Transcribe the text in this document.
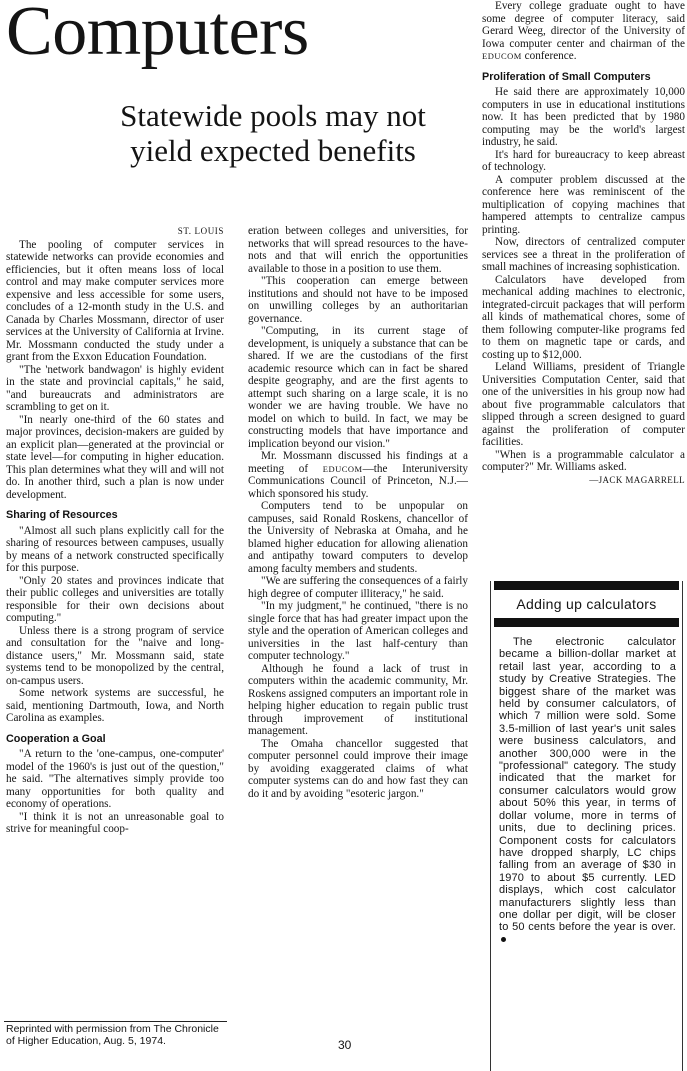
Computers
Statewide pools may not yield expected benefits
ST. LOUIS

The pooling of computer services in statewide networks can provide economies and efficiencies, but it often means loss of local control and may make computer services more expensive and less accessible for some users, concludes of a 12-month study in the U.S. and Canada by Charles Mossmann, director of user services at the University of California at Irvine. Mr. Mossmann conducted the study under a grant from the Exxon Education Foundation.

"The 'network bandwagon' is highly evident in the state and provincial capitals," he said, "and bureaucrats and administrators are scrambling to get on it.

"In nearly one-third of the 60 states and major provinces, decision-makers are guided by an explicit plan—generated at the provincial or state level—for computing in higher education. This plan determines what they will and will not do. In another third, such a plan is now under development.

Sharing of Resources

"Almost all such plans explicitly call for the sharing of resources between campuses, usually by means of a network constructed specifically for this purpose.

"Only 20 states and provinces indicate that their public colleges and universities are totally responsible for their own decisions about computing."

Unless there is a strong program of service and consultation for the "naive and long-distance users," Mr. Mossmann said, state systems tend to be monopolized by the central, on-campus users.

Some network systems are successful, he said, mentioning Dartmouth, Iowa, and North Carolina as examples.

Cooperation a Goal

"A return to the 'one-campus, one-computer' model of the 1960's is just out of the question," he said. "The alternatives simply provide too many opportunities for both quality and economy of operations.

"I think it is not an unreasonable goal to strive for meaningful coop-

eration between colleges and universities, for networks that will spread resources to the have-nots and that will enrich the opportunities available to those in a position to use them.

"This cooperation can emerge between institutions and should not have to be imposed on unwilling colleges by an authoritarian governance.

"Computing, in its current stage of development, is uniquely a substance that can be shared. If we are the custodians of the first academic resource which can in fact be shared despite geography, and are the first agents to attempt such sharing on a large scale, it is no wonder we are having trouble. We have no model on which to build. In fact, we may be constructing models that have importance and implication beyond our vision."

Mr. Mossmann discussed his findings at a meeting of EDUCOM—the Interuniversity Communications Council of Princeton, N.J.—which sponsored his study.

Computers tend to be unpopular on campuses, said Ronald Roskens, chancellor of the University of Nebraska at Omaha, and he blamed higher education for allowing alienation and antipathy toward computers to develop among faculty members and students.

"We are suffering the consequences of a fairly high degree of computer illiteracy," he said.

"In my judgment," he continued, "there is no single force that has had greater impact upon the style and the operation of American colleges and universities in the last half-century than computer technology."

Although he found a lack of trust in computers within the academic community, Mr. Roskens assigned computers an important role in helping higher education to regain public trust through improvement of institutional management.

The Omaha chancellor suggested that computer personnel could improve their image by avoiding exaggerated claims of what computer systems can do and how fast they can do it and by avoiding "esoteric jargon."

Every college graduate ought to have some degree of computer literacy, said Gerard Weeg, director of the University of Iowa computer center and chairman of the EDUCOM conference.

Proliferation of Small Computers

He said there are approximately 10,000 computers in use in educational institutions now. It has been predicted that by 1980 computing may be the world's largest industry, he said.

It's hard for bureaucracy to keep abreast of technology.

A computer problem discussed at the conference here was reminiscent of the multiplication of copying machines that hampered attempts to centralize campus printing.

Now, directors of centralized computer services see a threat in the proliferation of small machines of increasing sophistication.

Calculators have developed from mechanical adding machines to electronic, integrated-circuit packages that will perform all kinds of mathematical chores, some of them following computer-like programs fed to them on magnetic tape or cards, and costing up to $12,000.

Leland Williams, president of Triangle Universities Computation Center, said that one of the universities in his group now had about five programmable calculators that slipped through a screen designed to guard against the proliferation of computer facilities.

"When is a programmable calculator a computer?" Mr. Williams asked.

—JACK MAGARRELL
Adding up calculators

The electronic calculator became a billion-dollar market at retail last year, according to a study by Creative Strategies. The biggest share of the market was held by consumer calculators, of which 7 million were sold. Some 3.5-million of last year's unit sales were business calculators, and another 300,000 were in the "professional" category. The study indicated that the market for consumer calculators would grow about 50% this year, in terms of dollar volume, more in terms of units, due to declining prices. Component costs for calculators have dropped sharply, LC chips falling from an average of $30 in 1970 to about $5 currently. LED displays, which cost calculator manufacturers slightly less than one dollar per digit, will be closer to 50 cents before the year is over.

Reprinted with permission from The Chronicle of Higher Education, Aug. 5, 1974.	30
